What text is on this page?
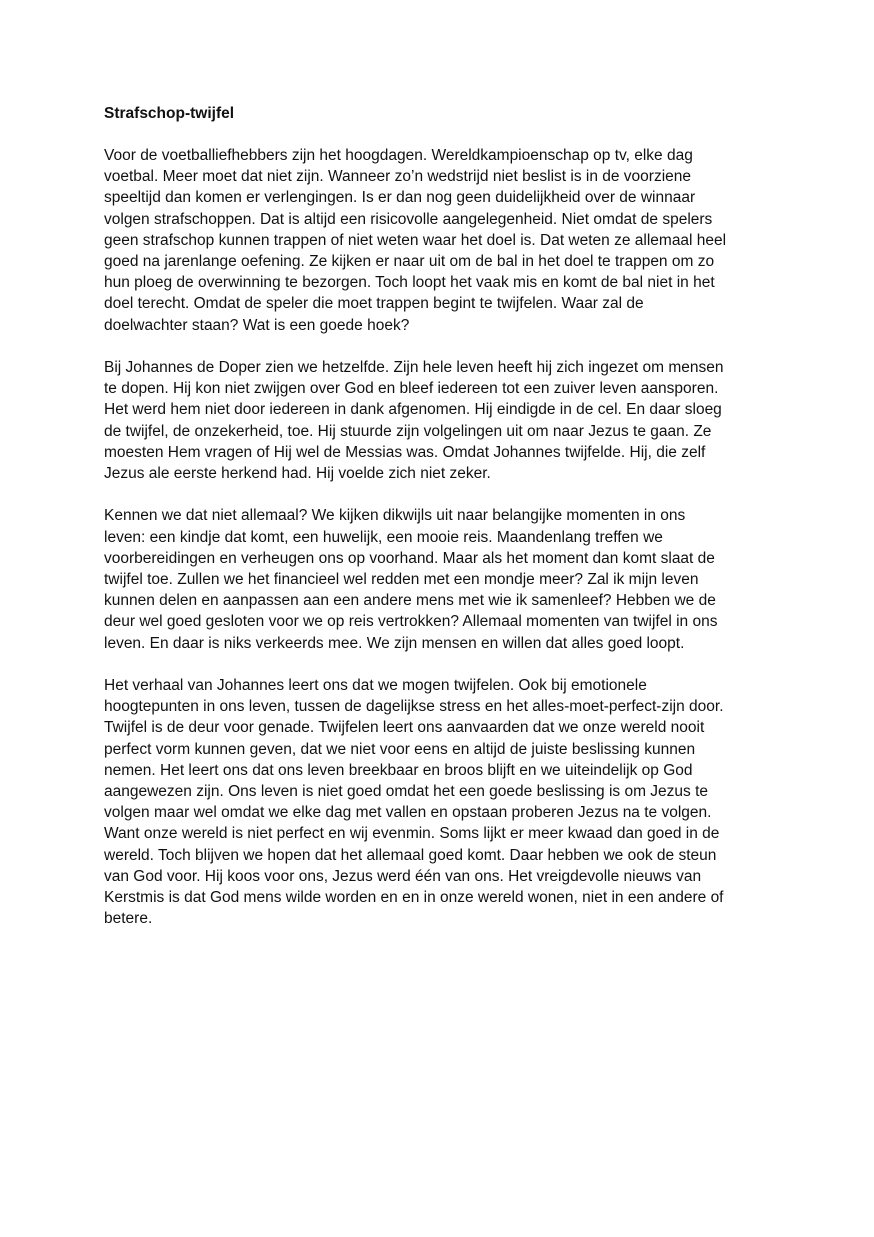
Strafschop-twijfel
Voor de voetballiefhebbers zijn het hoogdagen. Wereldkampioenschap op tv, elke dag
voetbal. Meer moet dat niet zijn. Wanneer zo’n wedstrijd niet beslist is in de voorziene
speeltijd dan komen er verlengingen. Is er dan nog geen duidelijkheid over de winnaar
volgen strafschoppen. Dat is altijd een risicovolle aangelegenheid. Niet omdat de spelers
geen strafschop kunnen trappen of niet weten waar het doel is. Dat weten ze allemaal heel
goed na jarenlange oefening. Ze kijken er naar uit om de bal in het doel te trappen om zo
hun ploeg de overwinning te bezorgen. Toch loopt het vaak mis en komt de bal niet in het
doel terecht. Omdat de speler die moet trappen begint te twijfelen. Waar zal de
doelwachter staan? Wat is een goede hoek?
Bij Johannes de Doper zien we hetzelfde. Zijn hele leven heeft hij zich ingezet om mensen
te dopen. Hij kon niet zwijgen over God en bleef iedereen tot een zuiver leven aansporen.
Het werd hem niet door iedereen in dank afgenomen. Hij eindigde in de cel. En daar sloeg
de twijfel, de onzekerheid, toe. Hij stuurde zijn volgelingen uit om naar Jezus te gaan. Ze
moesten Hem vragen of Hij wel de Messias was. Omdat Johannes twijfelde. Hij, die zelf
Jezus ale eerste herkend had. Hij voelde zich niet zeker.
Kennen we dat niet allemaal? We kijken dikwijls uit naar belangijke momenten in ons
leven: een kindje dat komt, een huwelijk, een mooie reis. Maandenlang treffen we
voorbereidingen en verheugen ons op voorhand. Maar als het moment dan komt slaat de
twijfel toe. Zullen we het financieel wel redden met een mondje meer? Zal ik mijn leven
kunnen delen en aanpassen aan een andere mens met wie ik samenleef? Hebben we de
deur wel goed gesloten voor we op reis vertrokken? Allemaal momenten van twijfel in ons
leven. En daar is niks verkeerds mee. We zijn mensen en willen dat alles goed loopt.
Het verhaal van Johannes leert ons dat we mogen twijfelen. Ook bij emotionele
hoogtepunten in ons leven, tussen de dagelijkse stress en het alles-moet-perfect-zijn door.
Twijfel is de deur voor genade. Twijfelen leert ons aanvaarden dat we onze wereld nooit
perfect vorm kunnen geven, dat we niet voor eens en altijd de juiste beslissing kunnen
nemen. Het leert ons dat ons leven breekbaar en broos blijft en we uiteindelijk op God
aangewezen zijn. Ons leven is niet goed omdat het een goede beslissing is om Jezus te
volgen maar wel omdat we elke dag met vallen en opstaan proberen Jezus na te volgen.
Want onze wereld is niet perfect en wij evenmin. Soms lijkt er meer kwaad dan goed in de
wereld. Toch blijven we hopen dat het allemaal goed komt. Daar hebben we ook de steun
van God voor. Hij koos voor ons, Jezus werd één van ons. Het vreigdevolle nieuws van
Kerstmis is dat God mens wilde worden en en in onze wereld wonen, niet in een andere of
betere.
